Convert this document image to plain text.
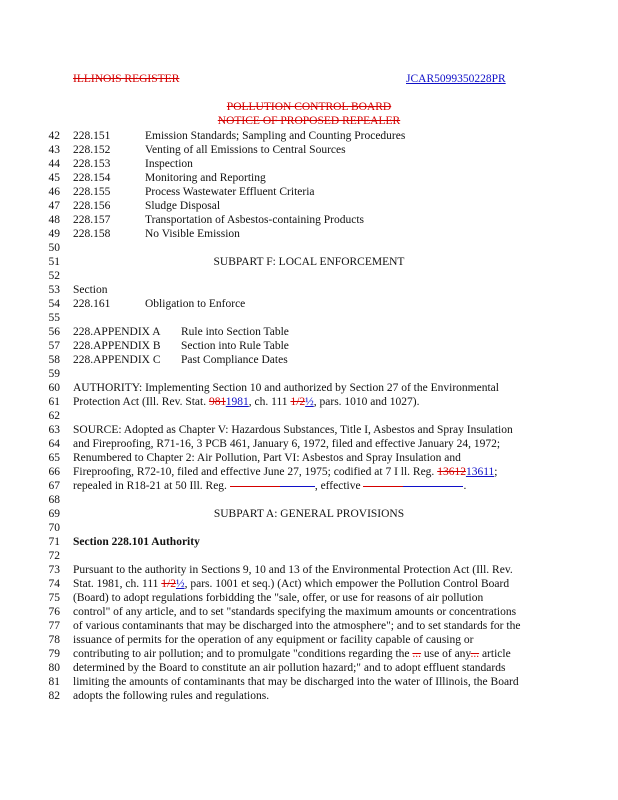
ILLINOIS REGISTER	JCAR5099350228PR
POLLUTION CONTROL BOARD
NOTICE OF PROPOSED REPEALER
42 228.151	Emission Standards; Sampling and Counting Procedures
43 228.152	Venting of all Emissions to Central Sources
44 228.153	Inspection
45 228.154	Monitoring and Reporting
46 228.155	Process Wastewater Effluent Criteria
47 228.156	Sludge Disposal
48 228.157	Transportation of Asbestos-containing Products
49 228.158	No Visible Emission
50
51	SUBPART F: LOCAL ENFORCEMENT
52
53 Section
54 228.161	Obligation to Enforce
55
56 228.APPENDIX A Rule into Section Table
57 228.APPENDIX B Section into Rule Table
58 228.APPENDIX C Past Compliance Dates
59
60 AUTHORITY: Implementing Section 10 and authorized by Section 27 of the Environmental
61 Protection Act (Ill. Rev. Stat. 9811981, ch. 111 1/2½, pars. 1010 and 1027).
62
63 SOURCE: Adopted as Chapter V: Hazardous Substances, Title I, Asbestos and Spray Insulation
64 and Fireproofing, R71-16, 3 PCB 461, January 6, 1972, filed and effective January 24, 1972;
65 Renumbered to Chapter 2: Air Pollution, Part VI: Asbestos and Spray Insulation and
66 Fireproofing, R72-10, filed and effective June 27, 1975; codified at 7 I ll. Reg. 1361213611;
67 repealed in R18-21 at 50 Ill. Reg.	, effective	.
68
69	SUBPART A: GENERAL PROVISIONS
70
71 Section 228.101 Authority
72
73 Pursuant to the authority in Sections 9, 10 and 13 of the Environmental Protection Act (Ill. Rev.
74 Stat. 1981, ch. 111 1/2½, pars. 1001 et seq.) (Act) which empower the Pollution Control Board
75 (Board) to adopt regulations forbidding the "sale, offer, or use for reasons of air pollution
76 control" of any article, and to set "standards specifying the maximum amounts or concentrations
77 of various contaminants that may be discharged into the atmosphere"; and to set standards for the
78 issuance of permits for the operation of any equipment or facility capable of causing or
79 contributing to air pollution; and to promulgate "conditions regarding the ... use of any... article
80 determined by the Board to constitute an air pollution hazard;" and to adopt effluent standards
81 limiting the amounts of contaminants that may be discharged into the water of Illinois, the Board
82 adopts the following rules and regulations.
